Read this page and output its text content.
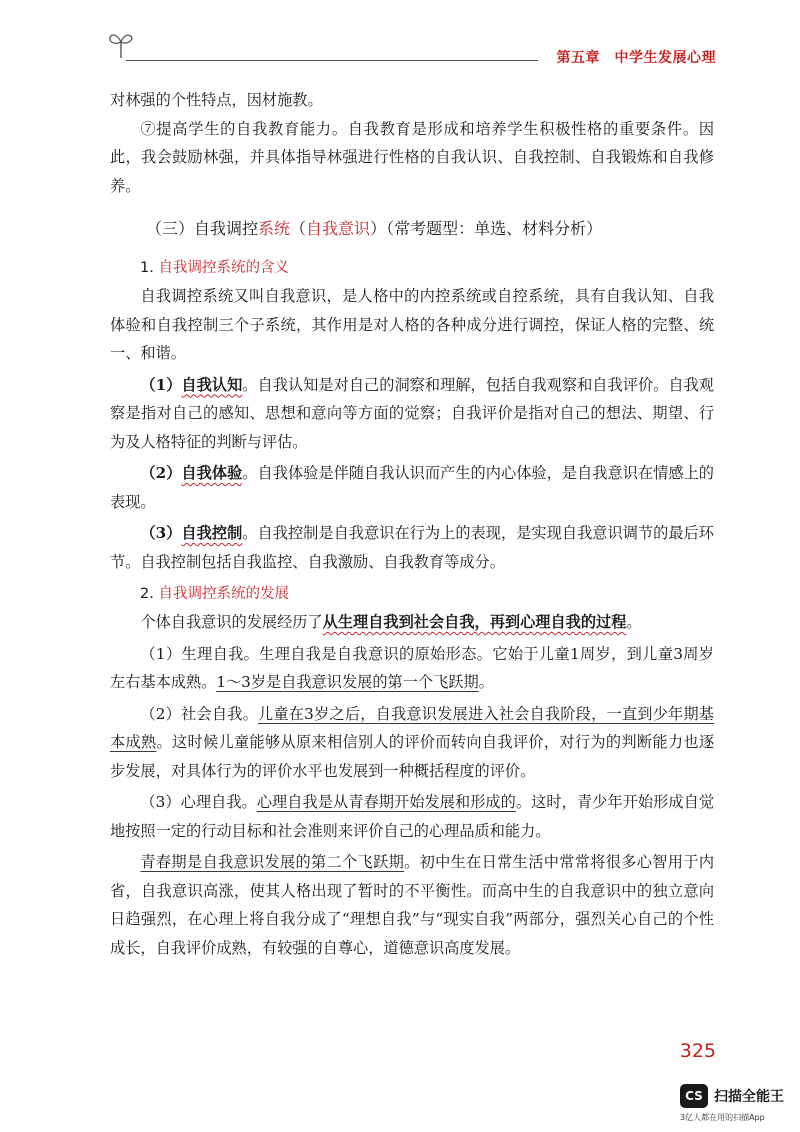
第五章　中学生发展心理

对林强的个性特点，因材施教。

⑦提高学生的自我教育能力。自我教育是形成和培养学生积极性格的重要条件。因此，我会鼓励林强，并具体指导林强进行性格的自我认识、自我控制、自我锻炼和自我修养。

（三）自我调控系统（自我意识）（常考题型：单选、材料分析）
1. 自我调控系统的含义

自我调控系统又叫自我意识，是人格中的内控系统或自控系统，具有自我认知、自我体验和自我控制三个子系统，其作用是对人格的各种成分进行调控，保证人格的完整、统一、和谐。

（1）自我认知。自我认知是对自己的洞察和理解，包括自我观察和自我评价。自我观察是指对自己的感知、思想和意向等方面的觉察；自我评价是指对自己的想法、期望、行为及人格特征的判断与评估。

（2）自我体验。自我体验是伴随自我认识而产生的内心体验，是自我意识在情感上的表现。

（3）自我控制。自我控制是自我意识在行为上的表现，是实现自我意识调节的最后环节。自我控制包括自我监控、自我激励、自我教育等成分。

2. 自我调控系统的发展

个体自我意识的发展经历了从生理自我到社会自我，再到心理自我的过程。

（1）生理自我。生理自我是自我意识的原始形态。它始于儿童1周岁，到儿童3周岁左右基本成熟。1～3岁是自我意识发展的第一个飞跃期。

（2）社会自我。儿童在3岁之后，自我意识发展进入社会自我阶段，一直到少年期基本成熟。这时候儿童能够从原来相信别人的评价而转向自我评价，对行为的判断能力也逐步发展，对具体行为的评价水平也发展到一种概括程度的评价。

（3）心理自我。心理自我是从青春期开始发展和形成的。这时，青少年开始形成自觉地按照一定的行动目标和社会准则来评价自己的心理品质和能力。

青春期是自我意识发展的第二个飞跃期。初中生在日常生活中常常将很多心智用于内省，自我意识高涨，使其人格出现了暂时的不平衡性。而高中生的自我意识中的独立意向日趋强烈，在心理上将自我分成了“理想自我”与“现实自我”两部分，强烈关心自己的个性成长，自我评价成熟，有较强的自尊心，道德意识高度发展。

325
CS 扫描全能王
3亿人都在用的扫描App
